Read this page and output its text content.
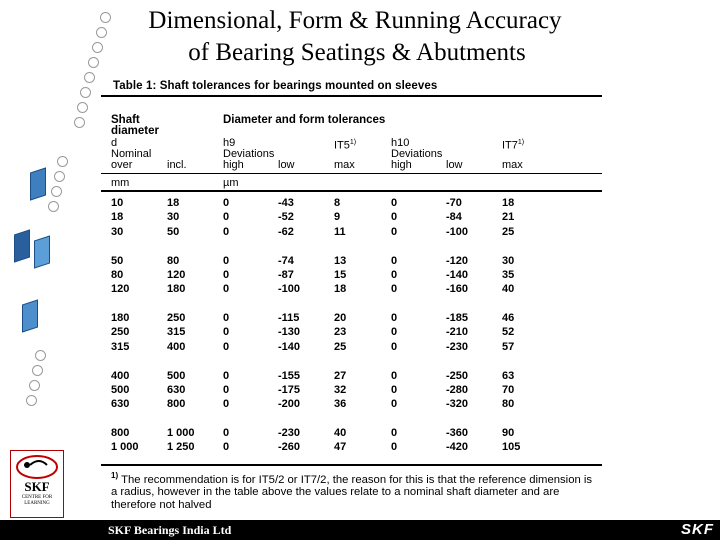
Dimensional, Form & Running Accuracy
of Bearing Seatings & Abutments
Table 1: Shaft tolerances for bearings mounted on sleeves
Shaft
diameter
d
Nominal
over	incl.
Diameter and form tolerances
h9
Deviations
high	low
IT5$^{1)}$
max
h10
Deviations
high	low
IT7$^{1)}$
max
mm	µm
10	18	0	-43	8	0	-70	18
18	30	0	-52	9	0	-84	21
30	50	0	-62	11	0	-100	25
50	80	0	-74	13	0	-120	30
80	120	0	-87	15	0	-140	35
120	180	0	-100	18	0	-160	40
180	250	0	-115	20	0	-185	46
250	315	0	-130	23	0	-210	52
315	400	0	-140	25	0	-230	57
400	500	0	-155	27	0	-250	63
500	630	0	-175	32	0	-280	70
630	800	0	-200	36	0	-320	80
800	1 000	0	-230	40	0	-360	90
1 000	1 250	0	-260	47	0	-420	105
$^{1)}$ The recommendation is for IT5/2 or IT7/2, the reason for this is that the reference dimension is a radius, however in the table above the values relate to a nominal shaft diameter and are therefore not halved
SKF
CENTRE FOR LEARNING
SKF Bearings India Ltd	SKF
